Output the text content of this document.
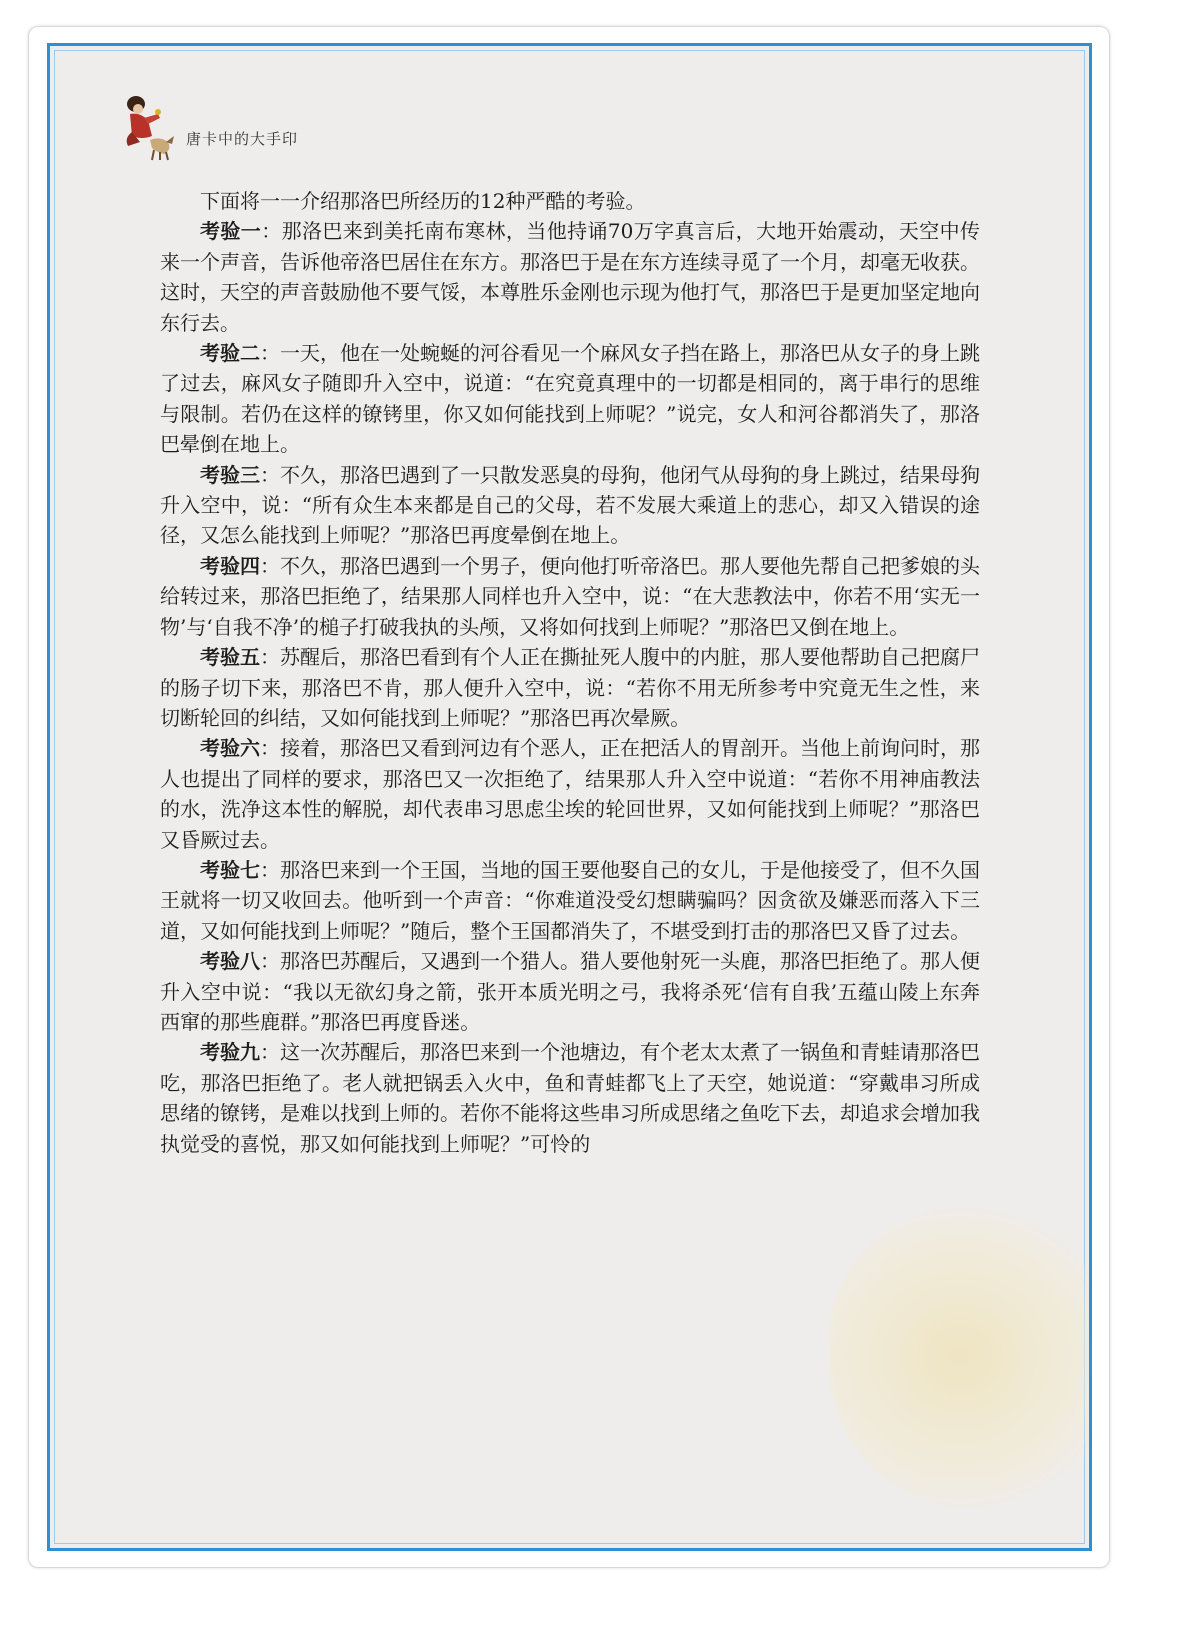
唐卡中的大手印

下面将一一介绍那洛巴所经历的12种严酷的考验。

考验一：那洛巴来到美托南布寒林，当他持诵70万字真言后，大地开始震动，天空中传来一个声音，告诉他帝洛巴居住在东方。那洛巴于是在东方连续寻觅了一个月，却毫无收获。这时，天空的声音鼓励他不要气馁，本尊胜乐金刚也示现为他打气，那洛巴于是更加坚定地向东行去。

考验二：一天，他在一处蜿蜒的河谷看见一个麻风女子挡在路上，那洛巴从女子的身上跳了过去，麻风女子随即升入空中，说道：“在究竟真理中的一切都是相同的，离于串行的思维与限制。若仍在这样的镣铐里，你又如何能找到上师呢？”说完，女人和河谷都消失了，那洛巴晕倒在地上。

考验三：不久，那洛巴遇到了一只散发恶臭的母狗，他闭气从母狗的身上跳过，结果母狗升入空中，说：“所有众生本来都是自己的父母，若不发展大乘道上的悲心，却又入错误的途径，又怎么能找到上师呢？”那洛巴再度晕倒在地上。

考验四：不久，那洛巴遇到一个男子，便向他打听帝洛巴。那人要他先帮自己把爹娘的头给转过来，那洛巴拒绝了，结果那人同样也升入空中，说：“在大悲教法中，你若不用‘实无一物’与‘自我不净’的槌子打破我执的头颅，又将如何找到上师呢？”那洛巴又倒在地上。

考验五：苏醒后，那洛巴看到有个人正在撕扯死人腹中的内脏，那人要他帮助自己把腐尸的肠子切下来，那洛巴不肯，那人便升入空中，说：“若你不用无所参考中究竟无生之性，来切断轮回的纠结，又如何能找到上师呢？”那洛巴再次晕厥。

考验六：接着，那洛巴又看到河边有个恶人，正在把活人的胃剖开。当他上前询问时，那人也提出了同样的要求，那洛巴又一次拒绝了，结果那人升入空中说道：“若你不用神庙教法的水，洗净这本性的解脱，却代表串习思虑尘埃的轮回世界，又如何能找到上师呢？”那洛巴又昏厥过去。

考验七：那洛巴来到一个王国，当地的国王要他娶自己的女儿，于是他接受了，但不久国王就将一切又收回去。他听到一个声音：“你难道没受幻想瞒骗吗？因贪欲及嫌恶而落入下三道，又如何能找到上师呢？”随后，整个王国都消失了，不堪受到打击的那洛巴又昏了过去。

考验八：那洛巴苏醒后，又遇到一个猎人。猎人要他射死一头鹿，那洛巴拒绝了。那人便升入空中说：“我以无欲幻身之箭，张开本质光明之弓，我将杀死‘信有自我’五蕴山陵上东奔西窜的那些鹿群。”那洛巴再度昏迷。

考验九：这一次苏醒后，那洛巴来到一个池塘边，有个老太太煮了一锅鱼和青蛙请那洛巴吃，那洛巴拒绝了。老人就把锅丢入火中，鱼和青蛙都飞上了天空，她说道：“穿戴串习所成思绪的镣铐，是难以找到上师的。若你不能将这些串习所成思绪之鱼吃下去，却追求会增加我执觉受的喜悦，那又如何能找到上师呢？”可怜的
